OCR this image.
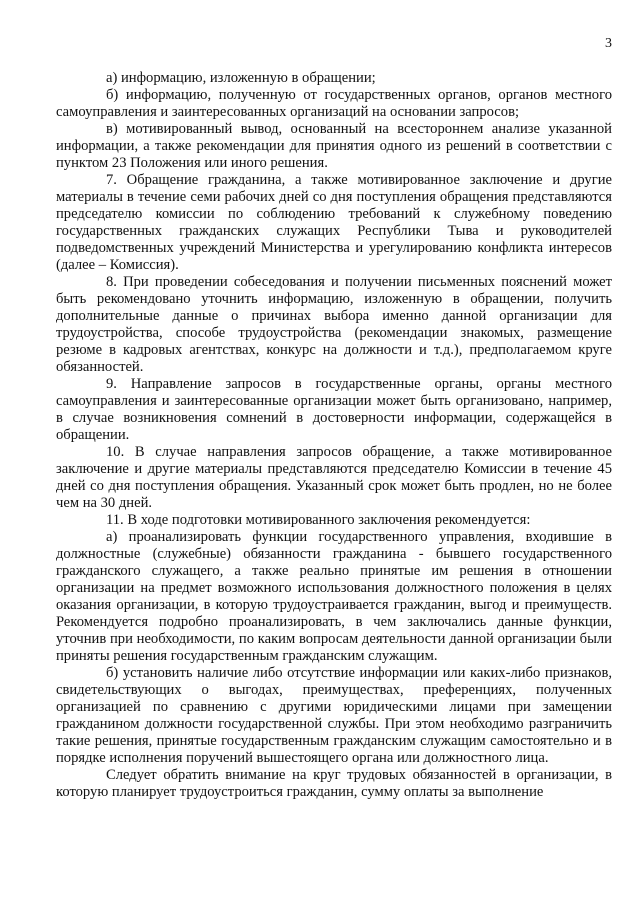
3

а) информацию, изложенную в обращении;

б) информацию, полученную от государственных органов, органов местного самоуправления и заинтересованных организаций на основании запросов;

в) мотивированный вывод, основанный на всестороннем анализе указанной информации, а также рекомендации для принятия одного из решений в соответствии с пунктом 23 Положения или иного решения.

7. Обращение гражданина, а также мотивированное заключение и другие материалы в течение семи рабочих дней со дня поступления обращения представляются председателю комиссии по соблюдению требований к служебному поведению государственных гражданских служащих Республики Тыва и руководителей подведомственных учреждений Министерства и урегулированию конфликта интересов (далее – Комиссия).

8. При проведении собеседования и получении письменных пояснений может быть рекомендовано уточнить информацию, изложенную в обращении, получить дополнительные данные о причинах выбора именно данной организации для трудоустройства, способе трудоустройства (рекомендации знакомых, размещение резюме в кадровых агентствах, конкурс на должности и т.д.), предполагаемом круге обязанностей.

9. Направление запросов в государственные органы, органы местного самоуправления и заинтересованные организации может быть организовано, например, в случае возникновения сомнений в достоверности информации, содержащейся в обращении.

10. В случае направления запросов обращение, а также мотивированное заключение и другие материалы представляются председателю Комиссии в течение 45 дней со дня поступления обращения. Указанный срок может быть продлен, но не более чем на 30 дней.

11. В ходе подготовки мотивированного заключения рекомендуется:

а) проанализировать функции государственного управления, входившие в должностные (служебные) обязанности гражданина - бывшего государственного гражданского служащего, а также реально принятые им решения в отношении организации на предмет возможного использования должностного положения в целях оказания организации, в которую трудоустраивается гражданин, выгод и преимуществ. Рекомендуется подробно проанализировать, в чем заключались данные функции, уточнив при необходимости, по каким вопросам деятельности данной организации были приняты решения государственным гражданским служащим.

б) установить наличие либо отсутствие информации или каких-либо признаков, свидетельствующих о выгодах, преимуществах, преференциях, полученных организацией по сравнению с другими юридическими лицами при замещении гражданином должности государственной службы. При этом необходимо разграничить такие решения, принятые государственным гражданским служащим самостоятельно и в порядке исполнения поручений вышестоящего органа или должностного лица.

Следует обратить внимание на круг трудовых обязанностей в организации, в которую планирует трудоустроиться гражданин, сумму оплаты за выполнение
